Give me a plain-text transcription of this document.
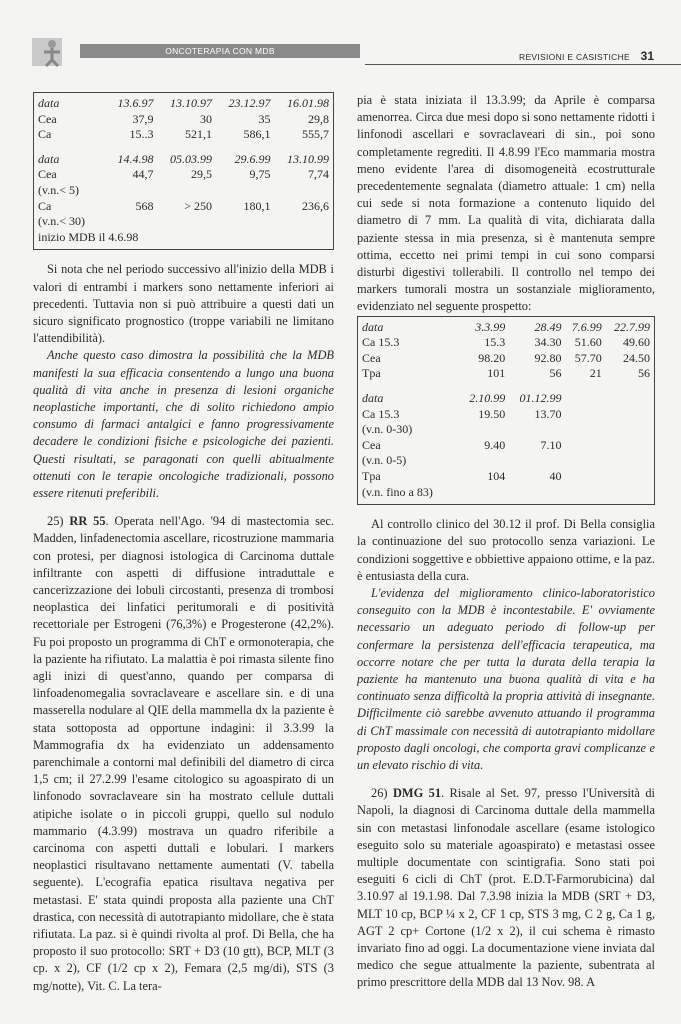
ONCOTERAPIA CON MDB
REVISIONI E CASISTICHE 31
data	13.6.97	13.10.97	23.12.97	16.01.98
Cea	37,9	30	35	29,8
Ca	15..3	521,1	586,1	555,7

data	14.4.98	05.03.99	29.6.99	13.10.99
Cea	44,7	29,5	9,75	7,74
(v.n.< 5)				
Ca	568	> 250	180,1	236,6
(v.n.< 30)				
inizio MDB il 4.6.98

Si nota che nel periodo successivo all'inizio della MDB i valori di entrambi i markers sono nettamente inferiori ai precedenti. Tuttavia non si può attribuire a questi dati un sicuro significato prognostico (troppe variabili ne limitano l'attendibilità).

Anche questo caso dimostra la possibilità che la MDB manifesti la sua efficacia consentendo a lungo una buona qualità di vita anche in presenza di lesioni organiche neoplastiche importanti, che di solito richiedono ampio consumo di farmaci antalgici e fanno progressivamente decadere le condizioni fisiche e psicologiche dei pazienti. Questi risultati, se paragonati con quelli abitualmente ottenuti con le terapie oncologiche tradizionali, possono essere ritenuti preferibili.

25) RR 55. Operata nell'Ago. '94 di mastectomia sec. Madden, linfadenectomia ascellare, ricostruzione mammaria con protesi, per diagnosi istologica di Carcinoma duttale infiltrante con aspetti di diffusione intraduttale e cancerizzazione dei lobuli circostanti, presenza di trombosi neoplastica dei linfatici peritumorali e di positività recettoriale per Estrogeni (76,3%) e Progesterone (42,2%). Fu poi proposto un programma di ChT e ormonoterapia, che la paziente ha rifiutato. La malattia è poi rimasta silente fino agli inizi di quest'anno, quando per comparsa di linfoadenomegalia sovraclaveare e ascellare sin. e di una masserella nodulare al QIE della mammella dx la paziente è stata sottoposta ad opportune indagini: il 3.3.99 la Mammografia dx ha evidenziato un addensamento parenchimale a contorni mal definibili del diametro di circa 1,5 cm; il 27.2.99 l'esame citologico su agoaspirato di un linfonodo sovraclaveare sin ha mostrato cellule duttali atipiche isolate o in piccoli gruppi, quello sul nodulo mammario (4.3.99) mostrava un quadro riferibile a carcinoma con aspetti duttali e lobulari. I markers neoplastici risultavano nettamente aumentati (V. tabella seguente). L'ecografia epatica risultava negativa per metastasi. E' stata quindi proposta alla paziente una ChT drastica, con necessità di autotrapianto midollare, che è stata rifiutata. La paz. si è quindi rivolta al prof. Di Bella, che ha proposto il suo protocollo: SRT + D3 (10 gtt), BCP, MLT (3 cp. x 2), CF (1/2 cp x 2), Femara (2,5 mg/di), STS (3 mg/notte), Vit. C. La tera-

pia è stata iniziata il 13.3.99; da Aprile è comparsa amenorrea. Circa due mesi dopo si sono nettamente ridotti i linfonodi ascellari e sovraclaveari di sin., poi sono completamente regrediti. Il 4.8.99 l'Eco mammaria mostra meno evidente l'area di disomogeneità ecostrutturale precedentemente segnalata (diametro attuale: 1 cm) nella cui sede si nota formazione a contenuto liquido del diametro di 7 mm. La qualità di vita, dichiarata dalla paziente stessa in mia presenza, si è mantenuta sempre ottima, eccetto nei primi tempi in cui sono comparsi disturbi digestivi tollerabili. Il controllo nel tempo dei markers tumorali mostra un sostanziale miglioramento, evidenziato nel seguente prospetto:

data	3.3.99	28.49	7.6.99	22.7.99
Ca 15.3	15.3	34.30	51.60	49.60
Cea	98.20	92.80	57.70	24.50
Tpa	101	56	21	56

data	2.10.99	01.12.99		
Ca 15.3	19.50	13.70		
(v.n. 0-30)				
Cea	9.40	7.10		
(v.n. 0-5)				
Tpa	104	40		
(v.n. fino a 83)				

Al controllo clinico del 30.12 il prof. Di Bella consiglia la continuazione del suo protocollo senza variazioni. Le condizioni soggettive e obbiettive appaiono ottime, e la paz. è entusiasta della cura.

L'evidenza del miglioramento clinico-laboratoristico conseguito con la MDB è incontestabile. E' ovviamente necessario un adeguato periodo di follow-up per confermare la persistenza dell'efficacia terapeutica, ma occorre notare che per tutta la durata della terapia la paziente ha mantenuto una buona qualità di vita e ha continuato senza difficoltà la propria attività di insegnante. Difficilmente ciò sarebbe avvenuto attuando il programma di ChT massimale con necessità di autotrapianto midollare proposto dagli oncologi, che comporta gravi complicanze e un elevato rischio di vita.

26) DMG 51. Risale al Set. 97, presso l'Università di Napoli, la diagnosi di Carcinoma duttale della mammella sin con metastasi linfonodale ascellare (esame istologico eseguito solo su materiale agoaspirato) e metastasi ossee multiple documentate con scintigrafia. Sono stati poi eseguiti 6 cicli di ChT (prot. E.D.T-Farmorubicina) dal 3.10.97 al 19.1.98. Dal 7.3.98 inizia la MDB (SRT + D3, MLT 10 cp, BCP ¼ x 2, CF 1 cp, STS 3 mg, C 2 g, Ca 1 g, AGT 2 cp+ Cortone (1/2 x 2), il cui schema è rimasto invariato fino ad oggi. La documentazione viene inviata dal medico che segue attualmente la paziente, subentrata al primo prescrittore della MDB dal 13 Nov. 98. A
